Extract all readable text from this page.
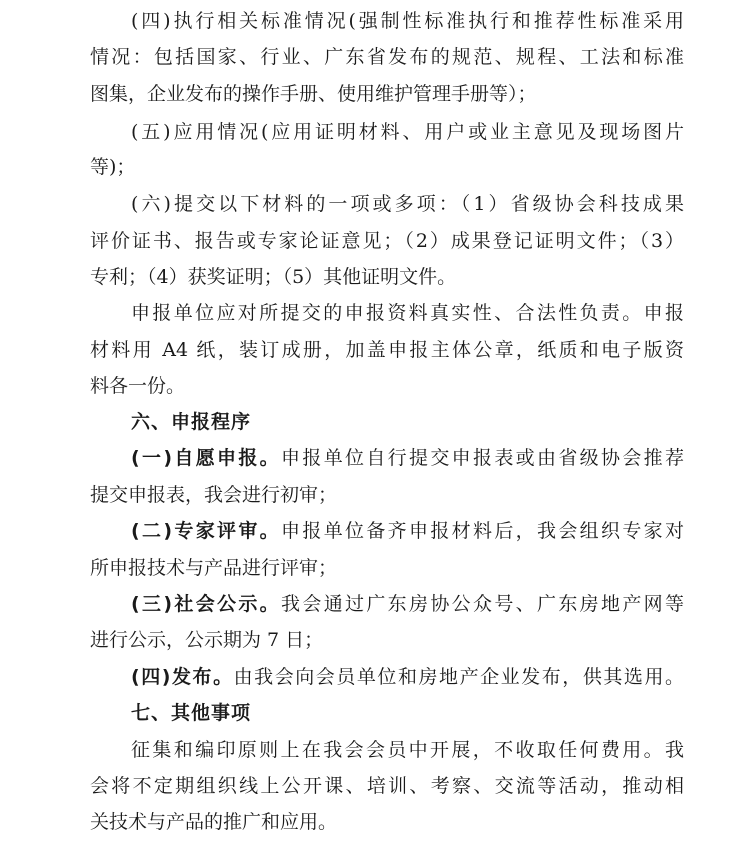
(四)执行相关标准情况(强制性标准执行和推荐性标准采用
情况：包括国家、行业、广东省发布的规范、规程、工法和标准
图集，企业发布的操作手册、使用维护管理手册等）；
(五)应用情况(应用证明材料、用户或业主意见及现场图片
等)；
(六)提交以下材料的一项或多项：（1）省级协会科技成果
评价证书、报告或专家论证意见；（2）成果登记证明文件；（3）
专利；（4）获奖证明；（5）其他证明文件。
申报单位应对所提交的申报资料真实性、合法性负责。申报
材料用 A4 纸，装订成册，加盖申报主体公章，纸质和电子版资
料各一份。
六、申报程序
(一)自愿申报。申报单位自行提交申报表或由省级协会推荐
提交申报表，我会进行初审；
(二)专家评审。申报单位备齐申报材料后，我会组织专家对
所申报技术与产品进行评审；
(三)社会公示。我会通过广东房协公众号、广东房地产网等
进行公示，公示期为 7 日；
(四)发布。由我会向会员单位和房地产企业发布，供其选用。
七、其他事项
征集和编印原则上在我会会员中开展，不收取任何费用。我
会将不定期组织线上公开课、培训、考察、交流等活动，推动相
关技术与产品的推广和应用。
